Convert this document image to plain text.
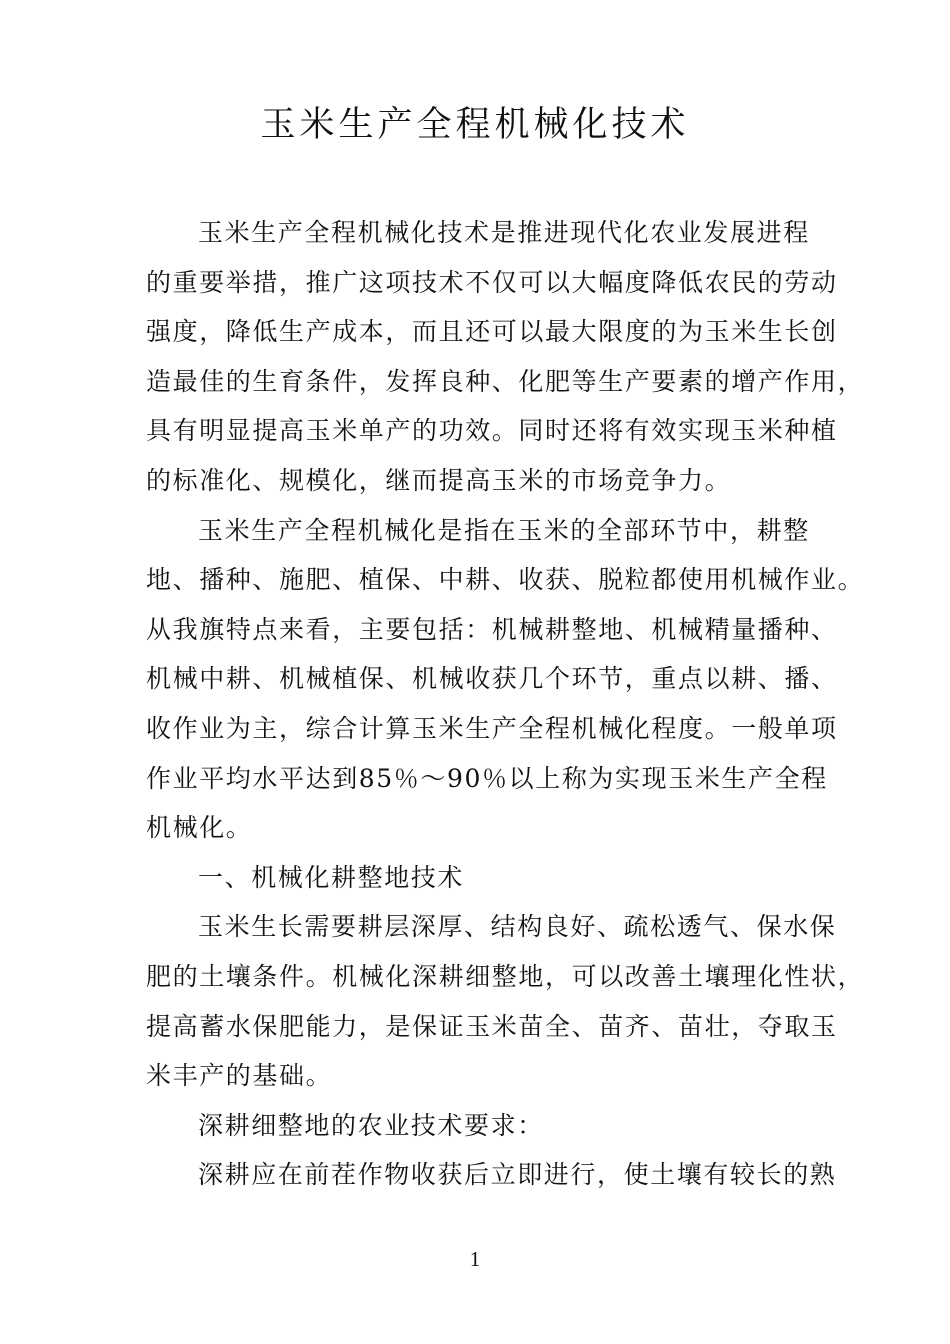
玉米生产全程机械化技术
玉米生产全程机械化技术是推进现代化农业发展进程
的重要举措，推广这项技术不仅可以大幅度降低农民的劳动
强度，降低生产成本，而且还可以最大限度的为玉米生长创
造最佳的生育条件，发挥良种、化肥等生产要素的增产作用，
具有明显提高玉米单产的功效。同时还将有效实现玉米种植
的标准化、规模化，继而提高玉米的市场竞争力。
玉米生产全程机械化是指在玉米的全部环节中，耕整
地、播种、施肥、植保、中耕、收获、脱粒都使用机械作业。
从我旗特点来看，主要包括：机械耕整地、机械精量播种、
机械中耕、机械植保、机械收获几个环节，重点以耕、播、
收作业为主，综合计算玉米生产全程机械化程度。一般单项
作业平均水平达到85％～90％以上称为实现玉米生产全程
机械化。
一、机械化耕整地技术
玉米生长需要耕层深厚、结构良好、疏松透气、保水保
肥的土壤条件。机械化深耕细整地，可以改善土壤理化性状，
提高蓄水保肥能力，是保证玉米苗全、苗齐、苗壮，夺取玉
米丰产的基础。
深耕细整地的农业技术要求：
深耕应在前茬作物收获后立即进行，使土壤有较长的熟
1
